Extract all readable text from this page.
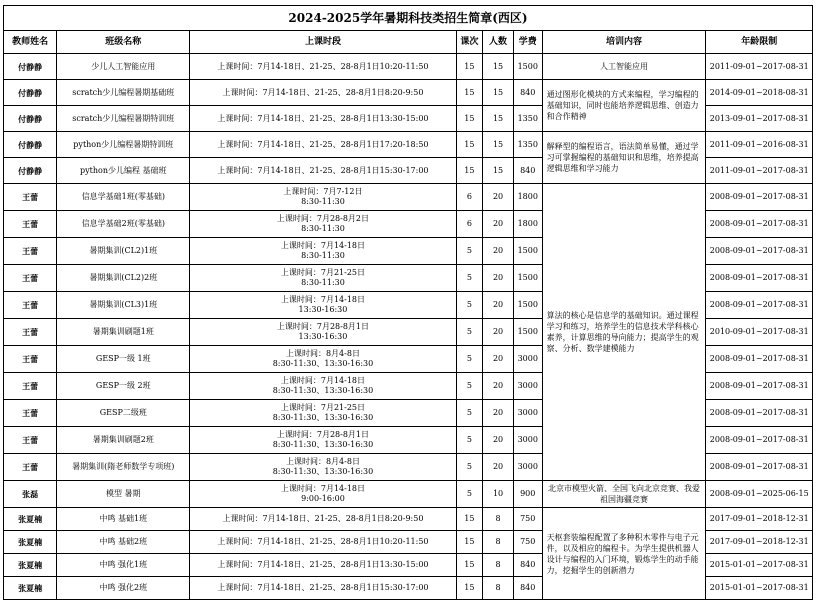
2024-2025学年暑期科技类招生简章(西区)							
教师姓名	班级名称	上课时段	课次	人数	学费	培训内容	年龄限制
付静静	少儿人工智能应用	上课时间：7月14-18日、21-25、28-8月1日10:20-11:50	15	15	1500	人工智能应用	2011-09-01~2017-08-31
付静静	scratch少儿编程暑期基础班	上课时间：7月14-18日、21-25、28-8月1日8:20-9:50	15	15	840	通过图形化模块的方式来编程，学习编程的基础知识，同时也能培养逻辑思维、创造力和合作精神	2014-09-01~2018-08-31
付静静	scratch少儿编程暑期特训班	上课时间：7月14-18日、21-25、28-8月1日13:30-15:00	15	15	1350		2013-09-01~2017-08-31
付静静	python少儿编程暑期特训班	上课时间：7月14-18日、21-25、28-8月1日17:20-18:50	15	15	1350	解释型的编程语言，语法简单易懂，通过学习可掌握编程的基础知识和思维，培养提高逻辑思维和学习能力	2011-09-01~2016-08-31
付静静	python少儿编程 基础班	上课时间：7月14-18日、21-25、28-8月1日15:30-17:00	15	15	840		2011-09-01~2017-08-31
王蕾	信息学基础1班(零基础)	上课时间：7月7-12日
8:30-11:30	6	20	1800	算法的核心是信息学的基础知识。通过课程学习和练习，培养学生的信息技术学科核心素养，计算思维的导向能力；提高学生的观察、分析、数学建模能力	2008-09-01~2017-08-31
王蕾	信息学基础2班(零基础)	上课时间：7月28-8月2日
8:30-11:30	6	20	1800		2008-09-01~2017-08-31
王蕾	暑期集训(CL2)1班	上课时间：7月14-18日
8:30-11:30	5	20	1500		2008-09-01~2017-08-31
王蕾	暑期集训(CL2)2班	上课时间：7月21-25日
8:30-11:30	5	20	1500		2008-09-01~2017-08-31
王蕾	暑期集训(CL3)1班	上课时间：7月14-18日
13:30-16:30	5	20	1500		2008-09-01~2017-08-31
王蕾	暑期集训刷题1班	上课时间：7月28-8月1日
13:30-16:30	5	20	1500		2010-09-01~2017-08-31
王蕾	GESP一级 1班	上课时间：8月4-8日
8:30-11:30、13:30-16:30	5	20	3000		2008-09-01~2017-08-31
王蕾	GESP一级 2班	上课时间：7月14-18日
8:30-11:30、13:30-16:30	5	20	3000		2008-09-01~2017-08-31
王蕾	GESP二级班	上课时间：7月21-25日
8:30-11:30、13:30-16:30	5	20	3000		2008-09-01~2017-08-31
王蕾	暑期集训刷题2班	上课时间：7月28-8月1日
8:30-11:30、13:30-16:30	5	20	3000		2008-09-01~2017-08-31
王蕾	暑期集训(隋老师数学专项班)	上课时间：8月4-8日
8:30-11:30、13:30-16:30	5	20	3000		2008-09-01~2017-08-31
张磊	模型 暑期	上课时间：7月14-18日
9:00-16:00	5	10	900	北京市模型火箭、全国飞向北京竞赛、我爱祖国海疆竞赛	2008-09-01~2025-06-15
张夏楠	中鸣 基础1班	上课时间：7月14-18日、21-25、28-8月1日8:20-9:50	15	8	750	天枢套装编程配置了多种积木零件与电子元件，以及相应的编程卡。为学生提供机器人设计与编程的入门环境，锻炼学生的动手能力，挖掘学生的创新潜力	2017-09-01~2018-12-31
张夏楠	中鸣 基础2班	上课时间：7月14-18日、21-25、28-8月1日10:20-11:50	15	8	750		2017-09-01~2018-12-31
张夏楠	中鸣 强化1班	上课时间：7月14-18日、21-25、28-8月1日13:30-15:00	15	8	840		2015-01-01~2017-08-31
张夏楠	中鸣 强化2班	上课时间：7月14-18日、21-25、28-8月1日15:30-17:00	15	8	840		2015-01-01~2017-08-31
